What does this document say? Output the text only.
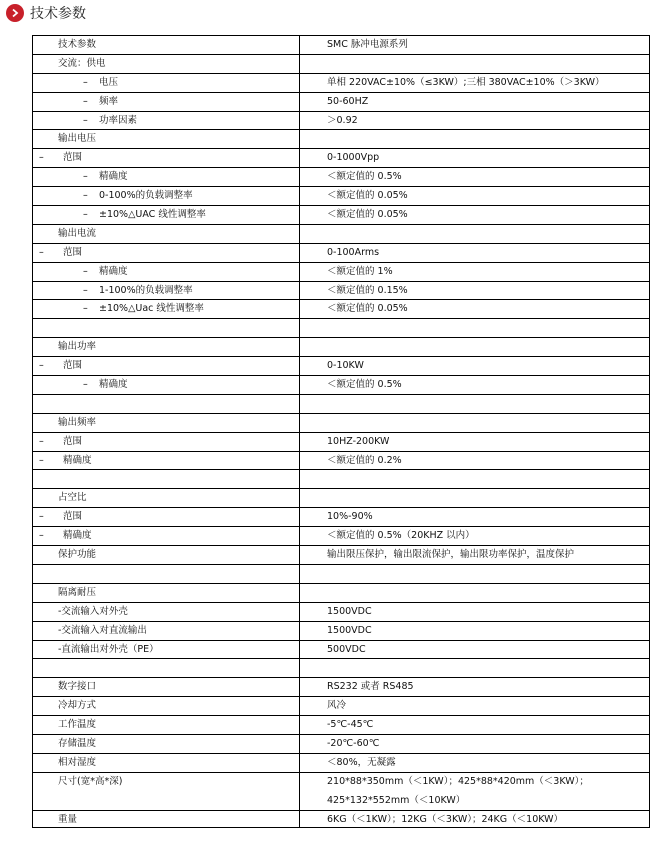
技术参数
技术参数	SMC 脉冲电源系列
交流：供电
– 电压	单相 220VAC±10%（≤3KW）;三相 380VAC±10%（＞3KW）
– 频率	50-60HZ
– 功率因素	＞0.92
输出电压
– 范围	0-1000Vpp
– 精确度	＜额定值的 0.5%
– 0-100%的负载调整率	＜额定值的 0.05%
– ±10%△UAC 线性调整率	＜额定值的 0.05%
输出电流
– 范围	0-100Arms
– 精确度	＜额定值的 1%
– 1-100%的负载调整率	＜额定值的 0.15%
– ±10%△Uac 线性调整率	＜额定值的 0.05%
输出功率
– 范围	0-10KW
– 精确度	＜额定值的 0.5%
输出频率
– 范围	10HZ-200KW
– 精确度	＜额定值的 0.2%
占空比
– 范围	10%-90%
– 精确度	＜额定值的 0.5%（20KHZ 以内）
保护功能	输出限压保护，输出限流保护，输出限功率保护，温度保护
隔离耐压
-交流输入对外壳	1500VDC
-交流输入对直流输出	1500VDC
-直流输出对外壳（PE）	500VDC
数字接口	RS232 或者 RS485
冷却方式	风冷
工作温度	-5℃-45℃
存储温度	-20℃-60℃
相对湿度	＜80%，无凝露
尺寸(宽*高*深)	210*88*350mm（＜1KW）；425*88*420mm（＜3KW）；
425*132*552mm（＜10KW）
重量	6KG（＜1KW）；12KG（＜3KW）；24KG（＜10KW）
